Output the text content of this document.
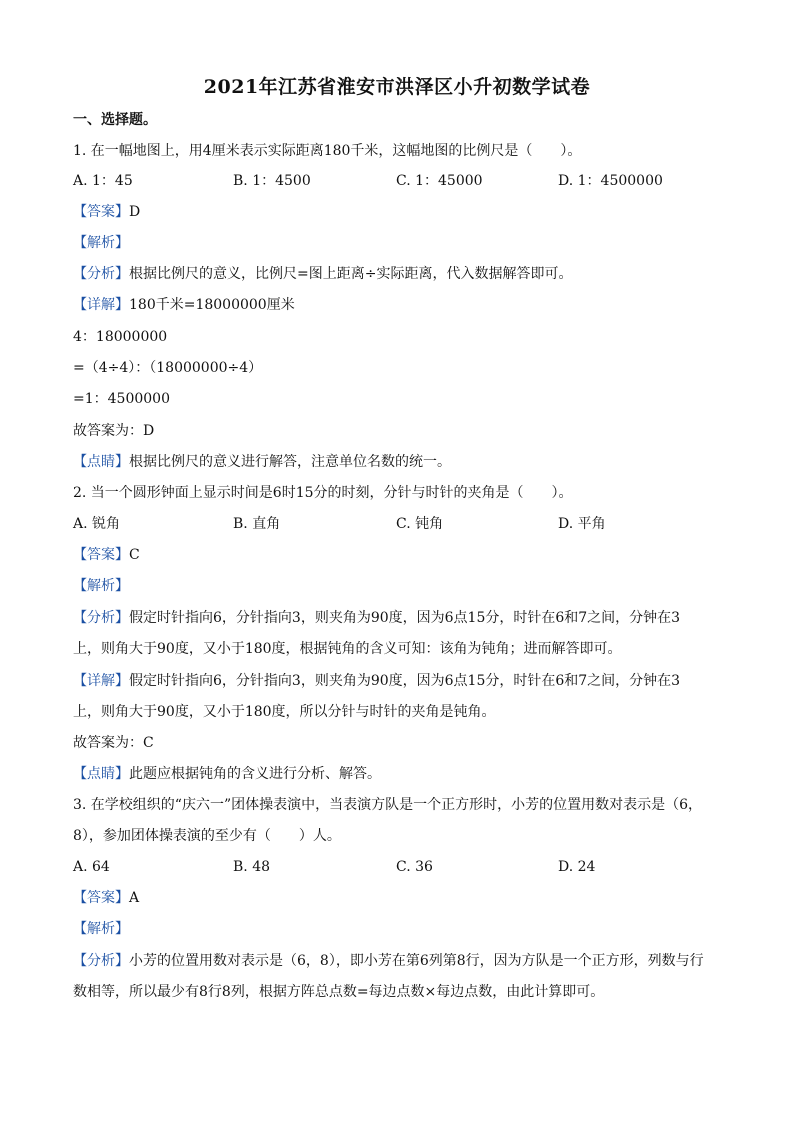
2021年江苏省淮安市洪泽区小升初数学试卷
一、选择题。
1. 在一幅地图上，用4厘米表示实际距离180千米，这幅地图的比例尺是（　　）。
A. 1：45	B. 1：4500	C. 1：45000	D. 1：4500000
【答案】D
【解析】
【分析】根据比例尺的意义，比例尺=图上距离÷实际距离，代入数据解答即可。
【详解】180千米=18000000厘米
4：18000000
=（4÷4）：（18000000÷4）
=1：4500000
故答案为：D
【点睛】根据比例尺的意义进行解答，注意单位名数的统一。
2. 当一个圆形钟面上显示时间是6时15分的时刻，分针与时针的夹角是（　　）。
A. 锐角	B. 直角	C. 钝角	D. 平角
【答案】C
【解析】
【分析】假定时针指向6，分针指向3，则夹角为90度，因为6点15分，时针在6和7之间，分钟在3
上，则角大于90度，又小于180度，根据钝角的含义可知：该角为钝角；进而解答即可。
【详解】假定时针指向6，分针指向3，则夹角为90度，因为6点15分，时针在6和7之间，分钟在3
上，则角大于90度，又小于180度，所以分针与时针的夹角是钝角。
故答案为：C
【点睛】此题应根据钝角的含义进行分析、解答。
3. 在学校组织的“庆六一”团体操表演中，当表演方队是一个正方形时，小芳的位置用数对表示是（6，
8），参加团体操表演的至少有（　　）人。
A. 64	B. 48	C. 36	D. 24
【答案】A
【解析】
【分析】小芳的位置用数对表示是（6，8），即小芳在第6列第8行，因为方队是一个正方形，列数与行
数相等，所以最少有8行8列，根据方阵总点数=每边点数×每边点数，由此计算即可。
